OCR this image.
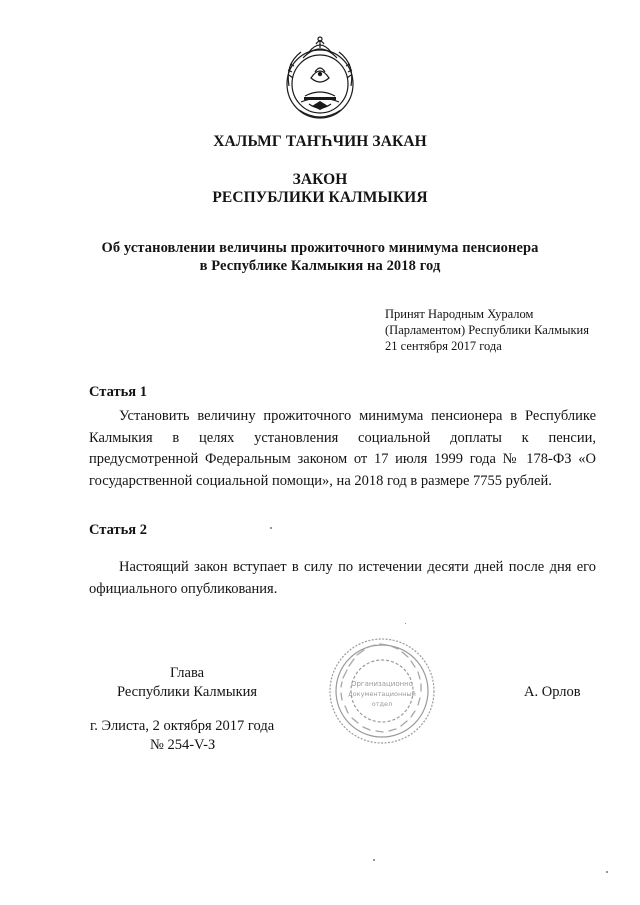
ХАЛЬМГ ТАҤҺЧИН ЗАКАН
ЗАКОН
РЕСПУБЛИКИ КАЛМЫКИЯ
Об установлении величины прожиточного минимума пенсионера
в Республике Калмыкия на 2018 год
Принят Народным Хуралом
(Парламентом) Республики Калмыкия
21 сентября 2017 года
Статья 1

Установить величину прожиточного минимума пенсионера в Республике Калмыкия в целях установления социальной доплаты к пенсии, предусмотренной Федеральным законом от 17 июля 1999 года № 178-ФЗ «О государственной социальной помощи», на 2018 год в размере 7755 рублей.

Статья 2

Настоящий закон вступает в силу по истечении десяти дней после дня его официального опубликования.

Глава
Республики Калмыкия	А. Орлов
г. Элиста, 2 октября 2017 года
№ 254-V-З
Организационно
документационный
отдел
